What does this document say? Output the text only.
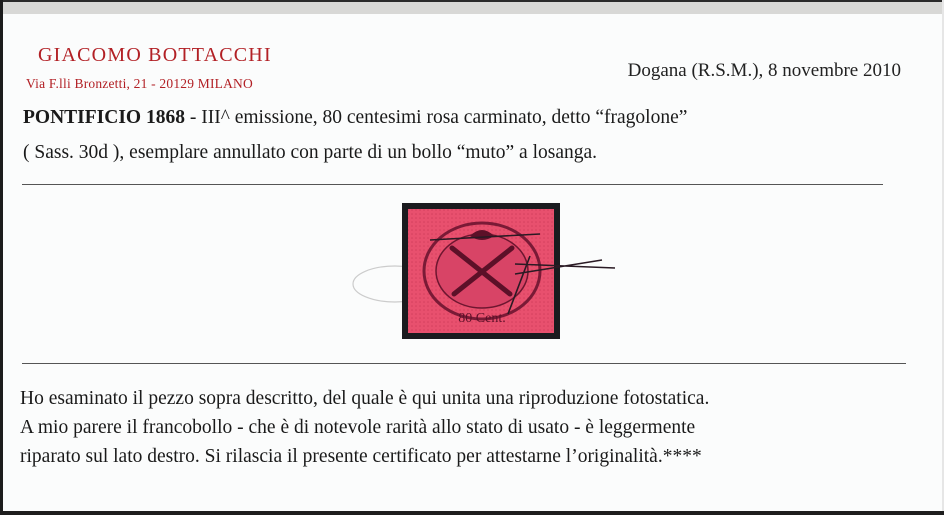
GIACOMO BOTTACCHI
Via F.lli Bronzetti, 21 - 20129 MILANO
Dogana (R.S.M.), 8 novembre 2010
PONTIFICIO 1868 - III^ emissione, 80 centesimi rosa carminato, detto “fragolone”
( Sass. 30d ), esemplare annullato con parte di un bollo “muto” a losanga.
80 Cent.
Ho esaminato il pezzo sopra descritto, del quale è qui unita una riproduzione fotostatica.
A mio parere il francobollo - che è di notevole rarità allo stato di usato - è leggermente
riparato sul lato destro. Si rilascia il presente certificato per attestarne l’originalità.****
